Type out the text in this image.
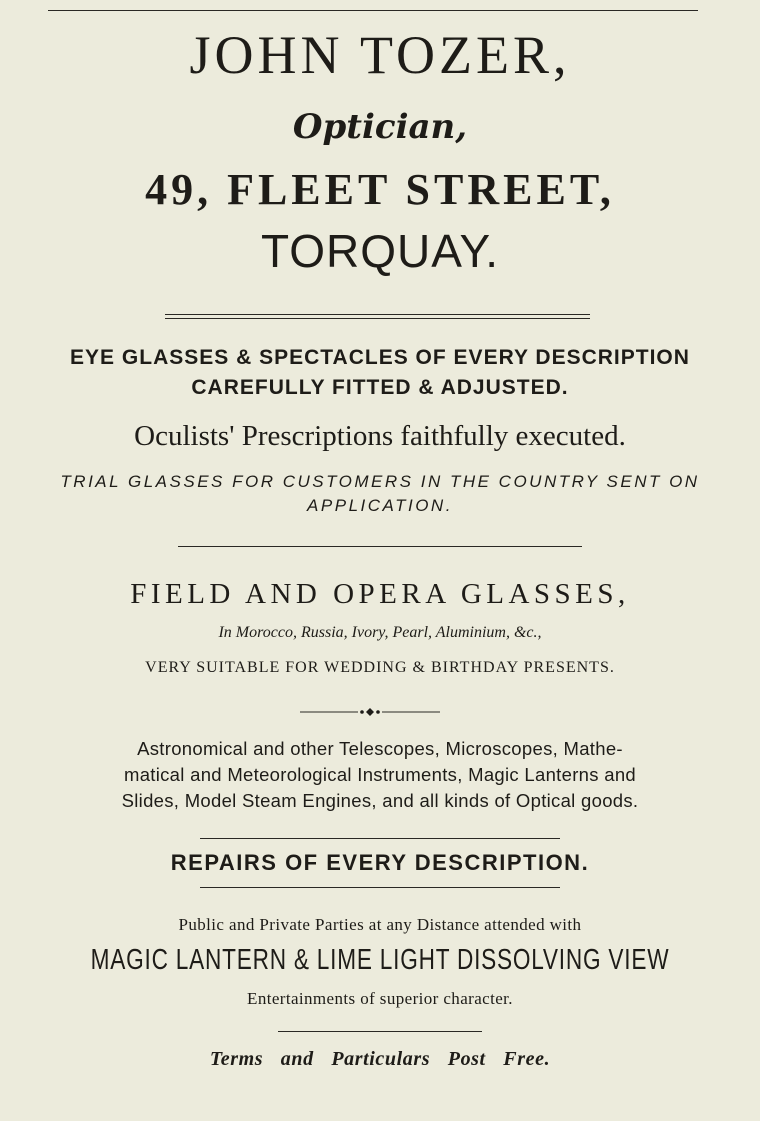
JOHN TOZER,
Optician,
49, FLEET STREET,
TORQUAY.
EYE GLASSES & SPECTACLES OF EVERY DESCRIPTION
CAREFULLY FITTED & ADJUSTED.
Oculists' Prescriptions faithfully executed.
TRIAL GLASSES FOR CUSTOMERS IN THE COUNTRY SENT ON
APPLICATION.
FIELD AND OPERA GLASSES,
In Morocco, Russia, Ivory, Pearl, Aluminium, &c.,
VERY SUITABLE FOR WEDDING & BIRTHDAY PRESENTS.
Astronomical and other Telescopes, Microscopes, Mathe-
matical and Meteorological Instruments, Magic Lanterns and
Slides, Model Steam Engines, and all kinds of Optical goods.
REPAIRS OF EVERY DESCRIPTION.
Public and Private Parties at any Distance attended with
MAGIC LANTERN & LIME LIGHT DISSOLVING VIEW
Entertainments of superior character.
Terms and Particulars Post Free.
